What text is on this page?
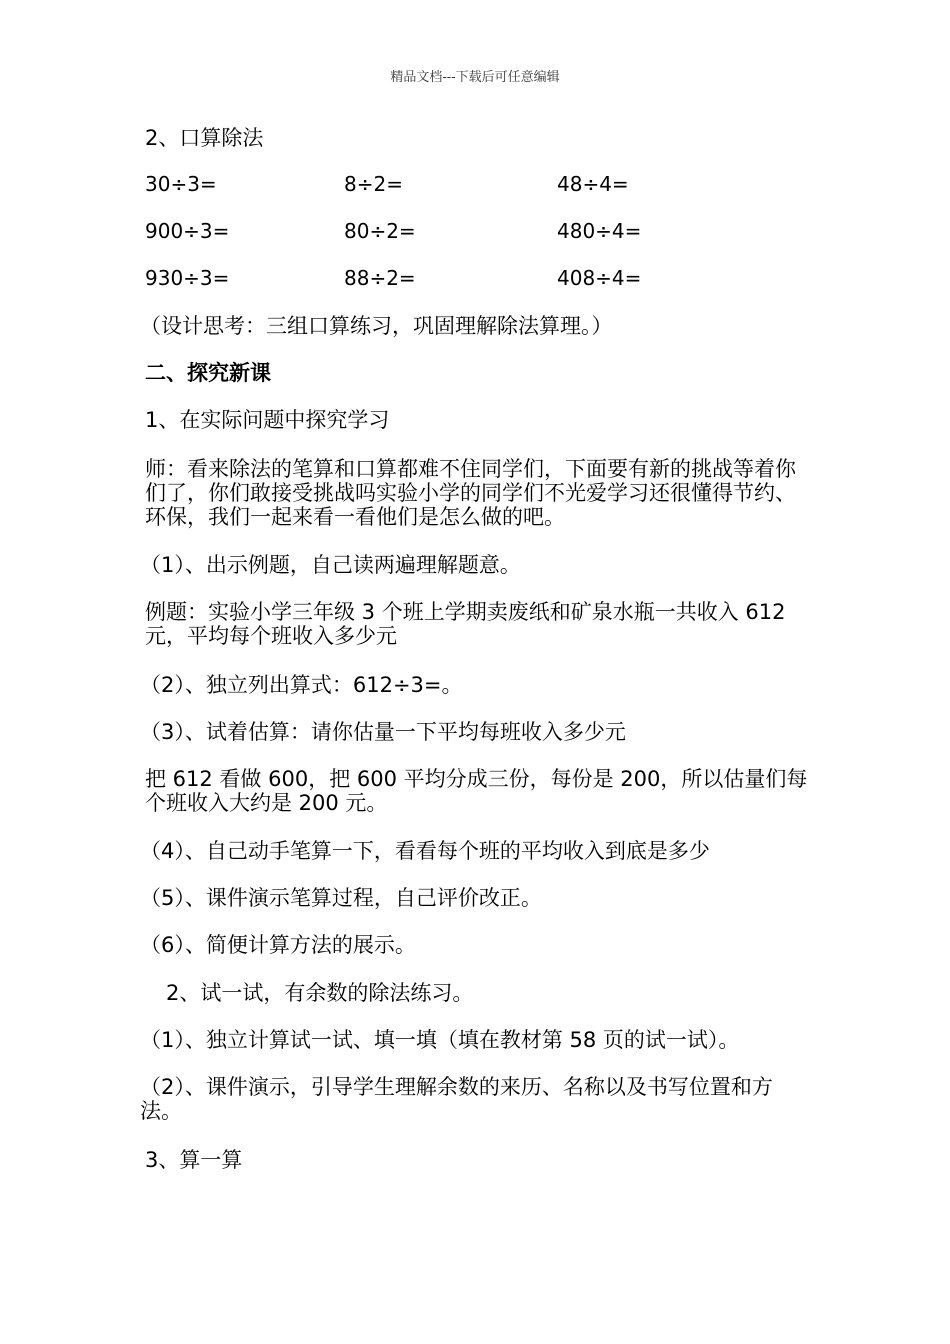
精品文档---下载后可任意编辑
2、口算除法
30÷3=	8÷2=	48÷4=
900÷3=	80÷2=	480÷4=
930÷3=	88÷2=	408÷4=
（设计思考：三组口算练习，巩固理解除法算理。）
二、探究新课
1、在实际问题中探究学习
师：看来除法的笔算和口算都难不住同学们，下面要有新的挑战等着你们了，你们敢接受挑战吗实验小学的同学们不光爱学习还很懂得节约、环保，我们一起来看一看他们是怎么做的吧。
（1）、出示例题，自己读两遍理解题意。
例题：实验小学三年级 3 个班上学期卖废纸和矿泉水瓶一共收入 612 元，平均每个班收入多少元
（2）、独立列出算式：612÷3=。
（3）、试着估算：请你估量一下平均每班收入多少元
把 612 看做 600，把 600 平均分成三份，每份是 200，所以估量们每个班收入大约是 200 元。
（4）、自己动手笔算一下，看看每个班的平均收入到底是多少
（5）、课件演示笔算过程，自己评价改正。
（6）、简便计算方法的展示。
2、试一试，有余数的除法练习。
（1）、独立计算试一试、填一填（填在教材第 58 页的试一试）。
（2）、课件演示，引导学生理解余数的来历、名称以及书写位置和方法。
3、算一算
